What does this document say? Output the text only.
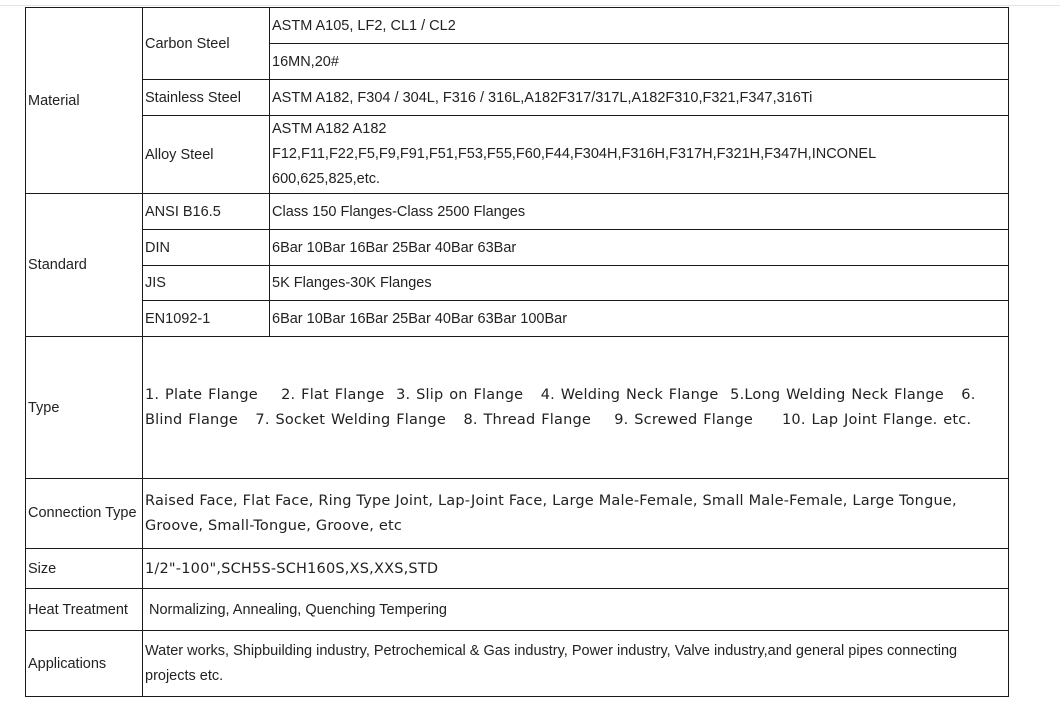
Material	Carbon Steel	ASTM A105, LF2, CL1 / CL2
		16MN,20#
	Stainless Steel	ASTM A182, F304 / 304L, F316 / 316L,A182F317/317L,A182F310,F321,F347,316Ti
	Alloy Steel	ASTM A182 A182
F12,F11,F22,F5,F9,F91,F51,F53,F55,F60,F44,F304H,F316H,F317H,F321H,F347H,INCONEL
600,625,825,etc.

Standard	ANSI B16.5	Class 150 Flanges-Class 2500 Flanges
	DIN	6Bar 10Bar 16Bar 25Bar 40Bar 63Bar
	JIS	5K Flanges-30K Flanges
	EN1092-1	6Bar 10Bar 16Bar 25Bar 40Bar 63Bar 100Bar
Type	1. Plate Flange    2. Flat Flange  3. Slip on Flange   4. Welding Neck Flange  5.Long Welding Neck Flange   6. Blind Flange   7. Socket Welding Flange   8. Thread Flange    9. Screwed Flange     10. Lap Joint Flange. etc.	
Connection Type	Raised Face, Flat Face, Ring Type Joint, Lap-Joint Face, Large Male-Female, Small Male-Female, Large Tongue, Groove, Small-Tongue, Groove, etc	
Size	1/2"-100",SCH5S-SCH160S,XS,XXS,STD	
Heat Treatment	Normalizing, Annealing, Quenching Tempering	
Applications	Water works, Shipbuilding industry, Petrochemical & Gas industry, Power industry, Valve industry,and general pipes connecting projects etc.	
